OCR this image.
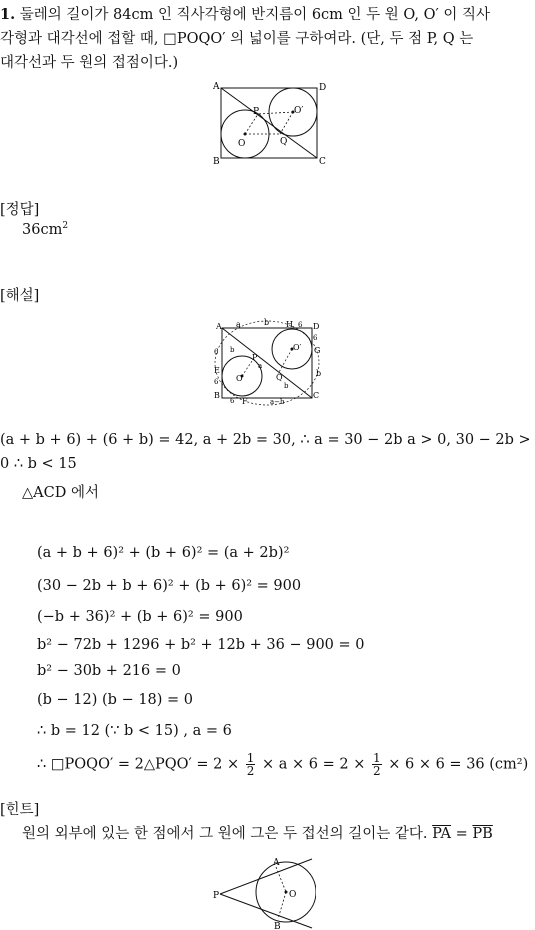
1. 둘레의 길이가 84cm 인 직사각형에 반지름이 6cm 인 두 원 O, O′ 이 직사
각형과 대각선에 접할 때, □POQO′ 의 넓이를 구하여라. (단, 두 점 P, Q 는
대각선과 두 원의 접점이다.)
A	D
B	C
P
Q
O
O′
[정답]
$36cm^2$
[해설]
A a	b H 6 D
6
G
6
b
E
6 O
O′
Q
P
b
B
6 F	a−b
C
b
a
(a + b + 6) + (6 + b) = 42, a + 2b = 30, ∴ a = 30 − 2b a > 0, 30 − 2b >
0 ∴ b < 15
△ACD 에서
(a + b + 6)² + (b + 6)² = (a + 2b)²
(30 − 2b + b + 6)² + (b + 6)² = 900
(−b + 36)² + (b + 6)² = 900
b² − 72b + 1296 + b² + 12b + 36 − 900 = 0
b² − 30b + 216 = 0
(b − 12) (b − 18) = 0
∴ b = 12 (∵ b < 15) , a = 6
∴ □POQO′ = 2△PQO′ = $2 \times \frac{1}{2} \times a \times 6 = 2 \times \frac{1}{2} \times 6 \times 6 = 36$ (cm²)
[힌트]
원의 외부에 있는 한 점에서 그 원에 그은 두 접선의 길이는 같다. $\overline{PA} = \overline{PB}$
A
P	O
B
